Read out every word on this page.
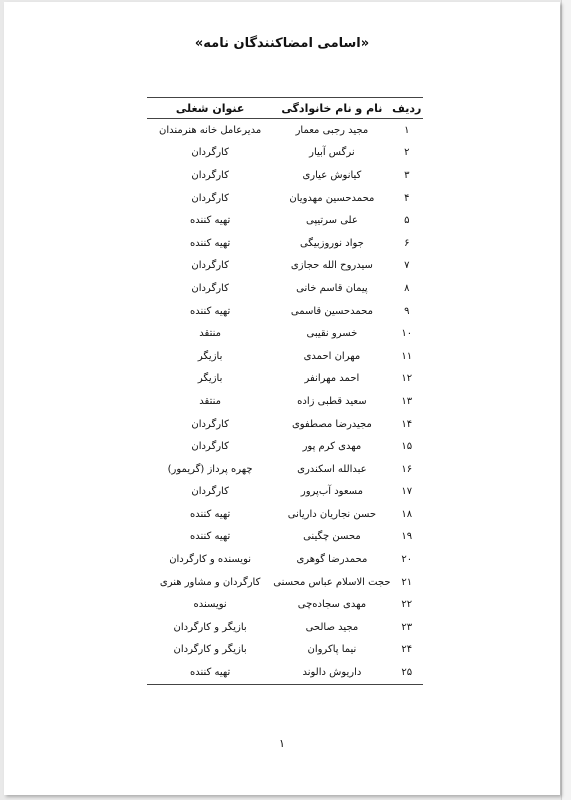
«اسامی امضاکنندگان نامه»
ردیف	نام و نام خانوادگی	عنوان شغلی
۱	مجید رجبی معمار	مدیرعامل خانه هنرمندان
۲	نرگس آبیار	کارگردان
۳	کیانوش عیاری	کارگردان
۴	محمدحسین مهدویان	کارگردان
۵	علی سرتیپی	تهیه کننده
۶	جواد نوروزبیگی	تهیه کننده
۷	سیدروح الله حجازی	کارگردان
۸	پیمان قاسم خانی	کارگردان
۹	محمدحسین قاسمی	تهیه کننده
۱۰	خسرو نقیبی	منتقد
۱۱	مهران احمدی	بازیگر
۱۲	احمد مهرانفر	بازیگر
۱۳	سعید قطبی زاده	منتقد
۱۴	مجیدرضا مصطفوی	کارگردان
۱۵	مهدی کرم پور	کارگردان
۱۶	عبدالله اسکندری	چهره پرداز (گریمور)
۱۷	مسعود آب‌پرور	کارگردان
۱۸	حسن نجاریان داریانی	تهیه کننده
۱۹	محسن چگینی	تهیه کننده
۲۰	محمدرضا گوهری	نویسنده و کارگردان
۲۱	حجت الاسلام عباس محسنی	کارگردان و مشاور هنری
۲۲	مهدی سجاده‌چی	نویسنده
۲۳	مجید صالحی	بازیگر و کارگردان
۲۴	نیما پاکروان	بازیگر و کارگردان
۲۵	داریوش دالوند	تهیه کننده
۱
